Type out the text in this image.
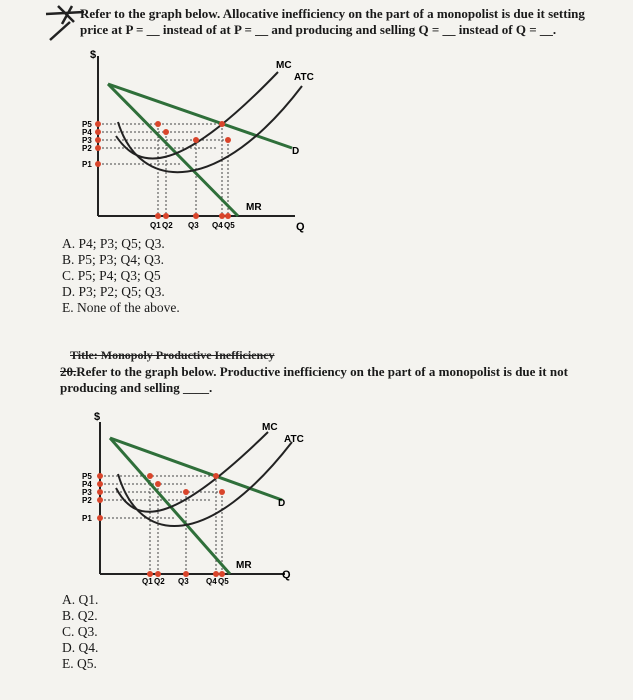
Refer to the graph below. Allocative inefficiency on the part of a monopolist is due it setting
price at P = __ instead of at P = __ and producing and selling Q = __ instead of Q = __.
$
Q
P5
P4
P3
P2
P1
Q1 Q2 Q3 Q4 Q5
MC
ATC
D
MR
A. P4; P3; Q5; Q3.
B. P5; P3; Q4; Q3.
C. P5; P4; Q3; Q5
D. P3; P2; Q5; Q3.
E. None of the above.
Title: Monopoly Productive Inefficiency
20.Refer to the graph below. Productive inefficiency on the part of a monopolist is due it not
producing and selling ____.
$
Q
P5
P4
P3
P2
P1
Q1 Q2 Q3 Q4 Q5
MC
ATC
D
MR
A. Q1.
B. Q2.
C. Q3.
D. Q4.
E. Q5.
